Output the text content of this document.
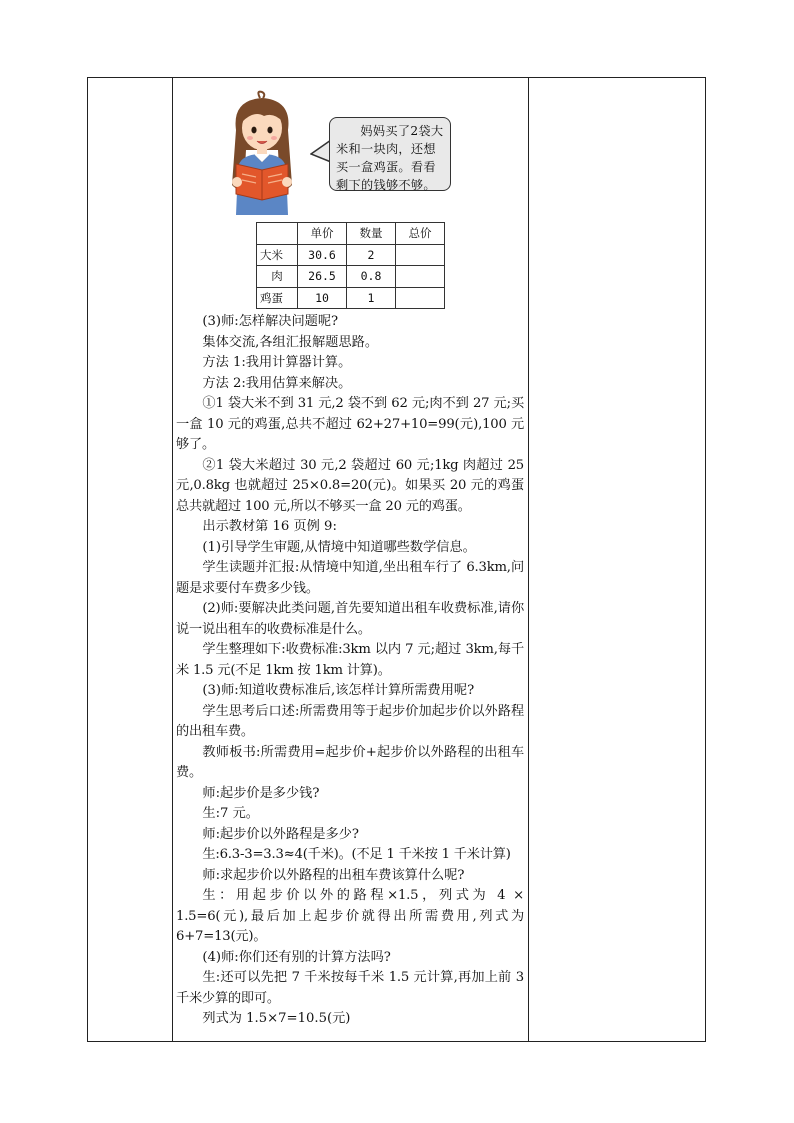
妈妈买了2袋大米和一块肉，还想买一盒鸡蛋。看看剩下的钱够不够。

	单价	数量	总价
大米	30.6	2	
肉	26.5	0.8	
鸡蛋	10	1	

(3)师:怎样解决问题呢?

集体交流,各组汇报解题思路。

方法 1:我用计算器计算。

方法 2:我用估算来解决。

①1 袋大米不到 31 元,2 袋不到 62 元;肉不到 27 元;买一盒 10 元的鸡蛋,总共不超过 62+27+10=99(元),100 元够了。

②1 袋大米超过 30 元,2 袋超过 60 元;1kg 肉超过 25 元,0.8kg 也就超过 25×0.8=20(元)。如果买 20 元的鸡蛋总共就超过 100 元,所以不够买一盒 20 元的鸡蛋。

出示教材第 16 页例 9:

(1)引导学生审题,从情境中知道哪些数学信息。

学生读题并汇报:从情境中知道,坐出租车行了 6.3km,问题是求要付车费多少钱。

(2)师:要解决此类问题,首先要知道出租车收费标准,请你说一说出租车的收费标准是什么。

学生整理如下:收费标准:3km 以内 7 元;超过 3km,每千米 1.5 元(不足 1km 按 1km 计算)。

(3)师:知道收费标准后,该怎样计算所需费用呢?

学生思考后口述:所需费用等于起步价加起步价以外路程的出租车费。

教师板书:所需费用=起步价+起步价以外路程的出租车费。

师:起步价是多少钱?

生:7 元。

师:起步价以外路程是多少?

生:6.3-3=3.3≈4(千米)。(不足 1 千米按 1 千米计算)

师:求起步价以外路程的出租车费该算什么呢?

生：用起步价以外的路程×1.5，列式为 4 × 1.5=6(元),最后加上起步价就得出所需费用,列式为 6+7=13(元)。

(4)师:你们还有别的计算方法吗?

生:还可以先把 7 千米按每千米 1.5 元计算,再加上前 3 千米少算的即可。

列式为 1.5×7=10.5(元)
